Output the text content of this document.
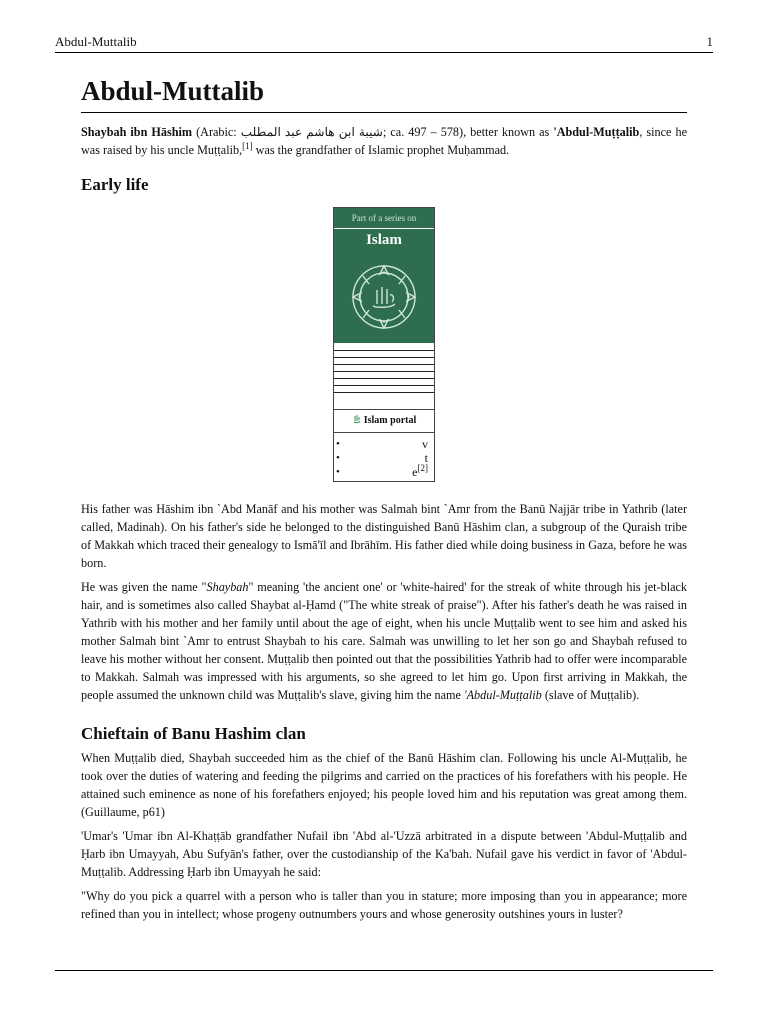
Abdul-Muttalib	1
Abdul-Muttalib

Shaybah ibn Hāshim (Arabic: شيبة ابن هاشم عبد المطلب; ca. 497 – 578), better known as 'Abdul-Muṭṭalib, since he was raised by his uncle Muṭṭalib,[1] was the grandfather of Islamic prophet Muḥammad.

Early life
Part of a series on
Islam
Islam portal
•	v
•	t
•	e[2]

His father was Hāshim ibn `Abd Manāf and his mother was Salmah bint `Amr from the Banū Najjār tribe in Yathrib (later called, Madinah). On his father's side he belonged to the distinguished Banū Hāshim clan, a subgroup of the Quraish tribe of Makkah which traced their genealogy to Ismā'īl and Ibrāhīm. His father died while doing business in Gaza, before he was born.

He was given the name "Shaybah" meaning 'the ancient one' or 'white-haired' for the streak of white through his jet-black hair, and is sometimes also called Shaybat al-Ḥamd ("The white streak of praise"). After his father's death he was raised in Yathrib with his mother and her family until about the age of eight, when his uncle Muṭṭalib went to see him and asked his mother Salmah bint `Amr to entrust Shaybah to his care. Salmah was unwilling to let her son go and Shaybah refused to leave his mother without her consent. Muṭṭalib then pointed out that the possibilities Yathrib had to offer were incomparable to Makkah. Salmah was impressed with his arguments, so she agreed to let him go. Upon first arriving in Makkah, the people assumed the unknown child was Muṭṭalib's slave, giving him the name 'Abdul-Muṭṭalib (slave of Muṭṭalib).

Chieftain of Banu Hashim clan

When Muṭṭalib died, Shaybah succeeded him as the chief of the Banū Hāshim clan. Following his uncle Al-Muṭṭalib, he took over the duties of watering and feeding the pilgrims and carried on the practices of his forefathers with his people. He attained such eminence as none of his forefathers enjoyed; his people loved him and his reputation was great among them. (Guillaume, p61)

'Umar's 'Umar ibn Al-Khaṭṭāb grandfather Nufail ibn 'Abd al-'Uzzā arbitrated in a dispute between 'Abdul-Muṭṭalib and Ḥarb ibn Umayyah, Abu Sufyān's father, over the custodianship of the Ka'bah. Nufail gave his verdict in favor of 'Abdul-Muṭṭalib. Addressing Ḥarb ibn Umayyah he said:

"Why do you pick a quarrel with a person who is taller than you in stature; more imposing than you in appearance; more refined than you in intellect; whose progeny outnumbers yours and whose generosity outshines yours in luster?
